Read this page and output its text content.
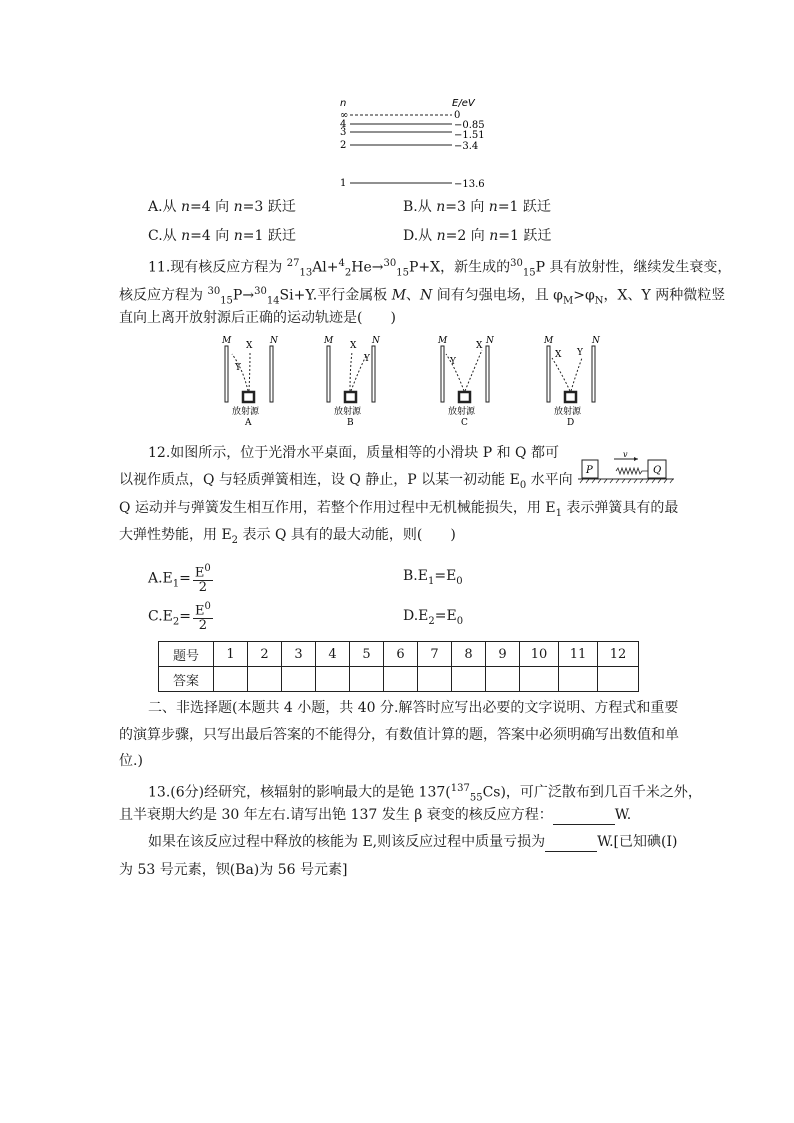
n	E/eV
∞	0
4	−0.85
3	−1.51
2	−3.4
1	−13.6
A.从 n=4 向 n=3 跃迁	B.从 n=3 向 n=1 跃迁
C.从 n=4 向 n=1 跃迁	D.从 n=2 向 n=1 跃迁
11.现有核反应方程为 $^{27}_{13}$Al+$^4_2$He→$^{30}_{15}$P+X，新生成的$^{30}_{15}$P 具有放射性，继续发生衰变，
核反应方程为 $^{30}_{15}$P→$^{30}_{14}$Si+Y.平行金属板 M、N 间有匀强电场，且 $\varphi_M>\varphi_N$，X、Y 两种微粒竖
直向上离开放射源后正确的运动轨迹是(　　)
M	N
X
Y
放射源
A
M	N
X
Y
放射源
B
M	N
X
Y
放射源
C
M	N
X Y
放射源
D
12.如图所示，位于光滑水平桌面，质量相等的小滑块 P 和 Q 都可
以视作质点，Q 与轻质弹簧相连，设 Q 静止，P 以某一初动能 $E_0$ 水平向
Q 运动并与弹簧发生相互作用，若整个作用过程中无机械能损失，用 $E_1$ 表示弹簧具有的最
大弹性势能，用 $E_2$ 表示 Q 具有的最大动能，则(　　)
P
v
Q
$A.E_1= \frac{E^0}{2}$	$B.E_1=E_0$
$C.E_2= \frac{E^0}{2}$	$D.E_2=E_0$
题号	1	2	3	4	5	6	7	8	9	10	11	12
答案												
二、非选择题(本题共 4 小题，共 40 分.解答时应写出必要的文字说明、方程式和重要
的演算步骤，只写出最后答案的不能得分，有数值计算的题，答案中必须明确写出数值和单
位.)
13.(6分)经研究，核辐射的影响最大的是铯 137($^{137}_{55}$Cs)，可广泛散布到几百千米之外，
且半衰期大约是 30 年左右.请写出铯 137 发生 β 衰变的核反应方程：	W.
如果在该反应过程中释放的核能为 E,则该反应过程中质量亏损为	W.[已知碘(I)
为 53 号元素，钡(Ba)为 56 号元素]
